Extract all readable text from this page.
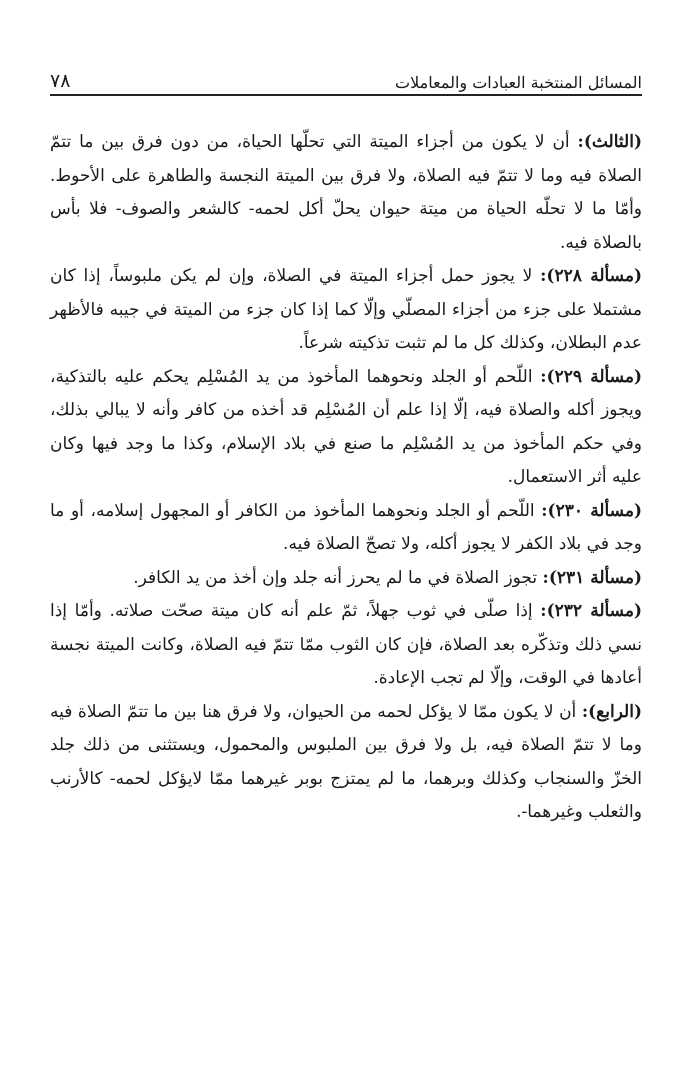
المسائل المنتخبة العبادات والمعاملات
٧٨

(الثالث): أن لا يكون من أجزاء الميتة التي تحلّها الحياة، من دون فرق بين ما تتمّ الصلاة فيه وما لا تتمّ فيه الصلاة، ولا فرق بين الميتة النجسة والطاهرة على الأحوط. وأمّا ما لا تحلّه الحياة من ميتة حيوان يحلّ أكل لحمه- كالشعر والصوف- فلا بأس بالصلاة فيه.

(مسألة ٢٢٨): لا يجوز حمل أجزاء الميتة في الصلاة، وإن لم يكن ملبوساً، إذا كان مشتملا على جزء من أجزاء المصلّي وإلّا كما إذا كان جزء من الميتة في جيبه فالأظهر عدم البطلان، وكذلك كل ما لم تثبت تذكيته شرعاً.

(مسألة ٢٢٩): اللّحم أو الجلد ونحوهما المأخوذ من يد المُسْلِم يحكم عليه بالتذكية، ويجوز أكله والصلاة فيه، إلّا إذا علم أن المُسْلِم قد أخذه من كافر وأنه لا يبالي بذلك، وفي حكم المأخوذ من يد المُسْلِم ما صنع في بلاد الإسلام، وكذا ما وجد فيها وكان عليه أثر الاستعمال.

(مسألة ٢٣٠): اللّحم أو الجلد ونحوهما المأخوذ من الكافر أو المجهول إسلامه، أو ما وجد في بلاد الكفر لا يجوز أكله، ولا تصحّ الصلاة فيه.

(مسألة ٢٣١): تجوز الصلاة في ما لم يحرز أنه جلد وإن أخذ من يد الكافر.

(مسألة ٢٣٢): إذا صلّى في ثوب جهلاً، ثمّ علم أنه كان ميتة صحّت صلاته. وأمّا إذا نسي ذلك وتذكّره بعد الصلاة، فإن كان الثوب ممّا تتمّ فيه الصلاة، وكانت الميتة نجسة أعادها في الوقت، وإلّا لم تجب الإعادة.

(الرابع): أن لا يكون ممّا لا يؤكل لحمه من الحيوان، ولا فرق هنا بين ما تتمّ الصلاة فيه وما لا تتمّ الصلاة فيه، بل ولا فرق بين الملبوس والمحمول، ويستثنى من ذلك جلد الخزّ والسنجاب وكذلك وبرهما، ما لم يمتزج بوبر غيرهما ممّا لايؤكل لحمه- كالأرنب والثعلب وغيرهما-.
